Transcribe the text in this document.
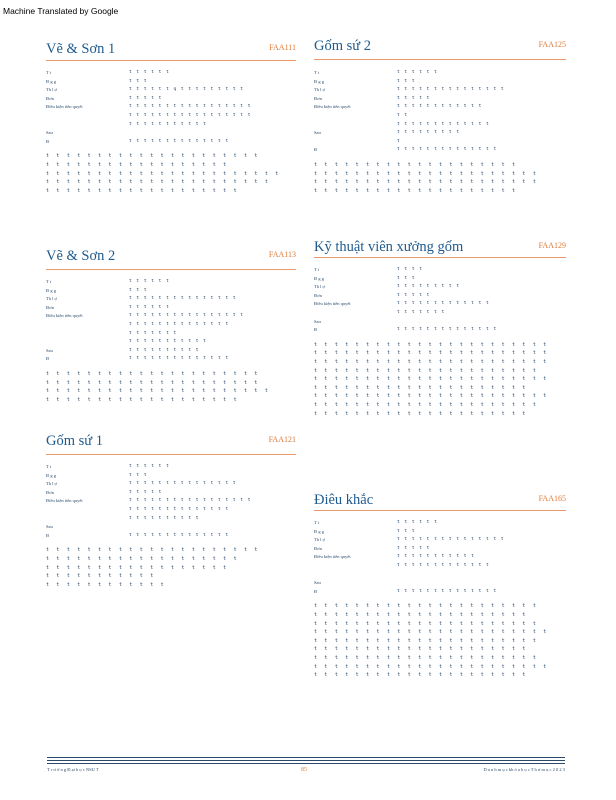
Machine Translated by Google
Vẽ & Sơn 1	FAA111
T t	t t t t t t
Đ g g	t t t
Th l ợ	t t t t t t q t t t t t t t t t
Đơn	t t t t t
Điều kiện tiên quyết	t t t t t t t t t t t t t t t t t
t t t t t t t t t t t t t t t t t
t t t t t t t t t t t
Sau
Đ	t t t t t t t t t t t t t t
t t t t t t t t t t t t t t t t t t t t t
t t t t t t t t t t t t t t t t t t
t t t t t t t t t t t t t t t t t t t t t t t
t t t t t t t t t t t t t t t t t t t t t t
t t t t t t t t t t t t t t t t t t t
Vẽ & Sơn 2	FAA113
T t	t t t t t t
Đ g g	t t t
Th l ợ	t t t t t t t t t t t t t t t
Đơn	t t t t t t
Điều kiện tiên quyết	t t t t t t t t t t t t t t t t
t t t t t t t t t t t t t t
t t t t t t t
t t t t t t t t t t t
Sau	t t t t t t t t t t
Đ	t t t t t t t t t t t t t t
t t t t t t t t t t t t t t t t t t t t t
t t t t t t t t t t t t t t t t t t t t t
t t t t t t t t t t t t t t t t t t t t t t
t t t t t t t t t t t t t t t t t t t
Gốm sứ 1	FAA121
T t	t t t t t t
Đ g g	t t t
Th l ợ	t t t t t t t t t t t t t t t
Đơn	t t t t t
Điều kiện tiên quyết	t t t t t t t t t t t t t t t t t
t t t t t t t t t t t t t t
t t t t t t t t t t
Sau
Đ	t t t t t t t t t t t t t t
t t t t t t t t t t t t t t t t t t t t t
t t t t t t t t t t t t t t t t t t t
t t t t t t t t t t t t t t t t t t
t t t t t t t t t t t
t t t t t t t t t t t t
Gốm sứ 2	FAA125
T t	t t t t t t
Đ g g	t t t
Th l ợ	t t t t t t t t t t t t t t t
Đơn	t t t t t
Điều kiện tiên quyết	t t t t t t t t t t t t
t t
t t t t t t t t t t t t t
Sau	t t t t t t t t t
t
Đ	t t t t t t t t t t t t t t
t t t t t t t t t t t t t t t t t t t t
t t t t t t t t t t t t t t t t t t t t t t
t t t t t t t t t t t t t t t t t t t t t t
t t t t t t t t t t t t t t t t t t t t
Kỹ thuật viên xưởng gốm	FAA129
T t	t t t t
Đ g g	t t t
Th l ợ	t t t t t t t t t
Đơn	t t t t t
Điều kiện tiên quyết	t t t t t t t t t t t t t
t t t t t t t
Sau
Đ	t t t t t t t t t t t t t t
t t t t t t t t t t t t t t t t t t t t t t t
t t t t t t t t t t t t t t t t t t t t t t t
t t t t t t t t t t t t t t t t t t t t t t t
t t t t t t t t t t t t t t t t t t t t t t
t t t t t t t t t t t t t t t t t t t t t t t
t t t t t t t t t t t t t t t t t t t t t
t t t t t t t t t t t t t t t t t t t t t t t
t t t t t t t t t t t t t t t t t t t t t t
t t t t t t t t t t t t t t t t t t t t t
Điêu khắc	FAA165
T t	t t t t t t
Đ g g	t t t
Th l ợ	t t t t t t t t t t t t t t t
Đơn	t t t t t
Điều kiện tiên quyết	t t t t t t t t t t t
t t t t t t t t t t t t t
Sau
Đ	t t t t t t t t t t t t t t
t t t t t t t t t t t t t t t t t t t t t t
t t t t t t t t t t t t t t t t t t t t t
t t t t t t t t t t t t t t t t t t t t t t
t t t t t t t t t t t t t t t t t t t t t t t
t t t t t t t t t t t t t t t t t t t t t t
t t t t t t t t t t t t t t t t t t t t t
t t t t t t t t t t t t t t t t t t t t t t
t t t t t t t t t t t t t t t t t t t t t t t
t t t t t t t t t t t t t t t t t t t t t
T r ư ờ n g Đ ại h ọ c NSU T	85	D a n h m ụ c kh ó a h ọ c T h ư m ụ c 2 0 2 3
